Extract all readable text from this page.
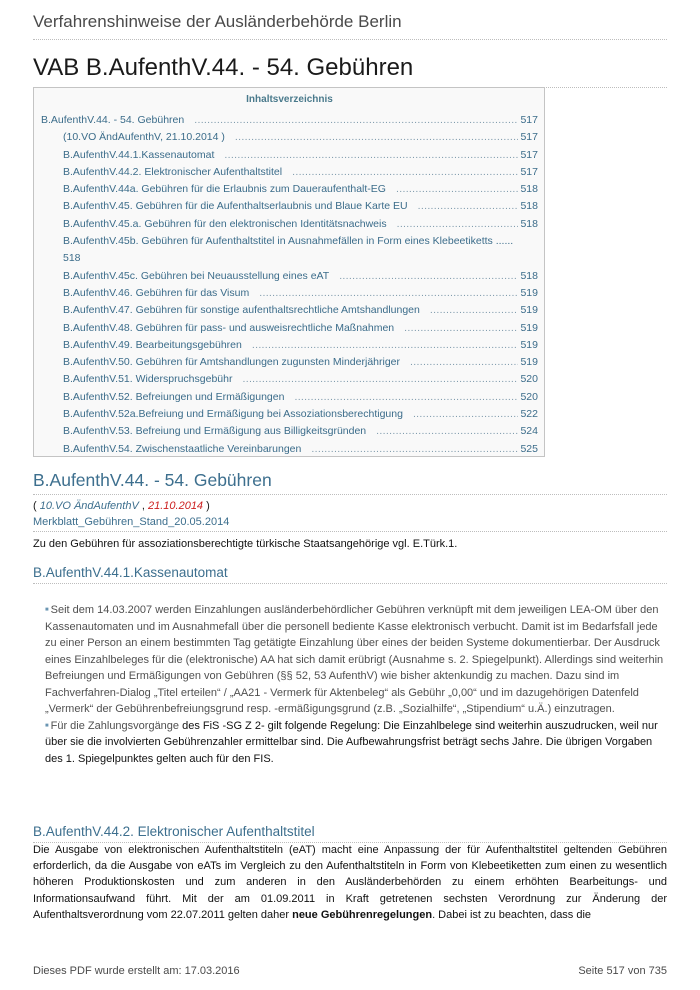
Verfahrenshinweise der Ausländerbehörde Berlin
VAB B.AufenthV.44. - 54. Gebühren
Inhaltsverzeichnis
B.AufenthV.44. - 54. Gebühren . . .	517
(10.VO ÄndAufenthV, 21.10.2014 ) . . .	517
B.AufenthV.44.1.Kassenautomat . . .	517
B.AufenthV.44.2. Elektronischer Aufenthaltstitel . . .	517
B.AufenthV.44a. Gebühren für die Erlaubnis zum Daueraufenthalt-EG . . .	518
B.AufenthV.45. Gebühren für die Aufenthaltserlaubnis und Blaue Karte EU . . .	518
B.AufenthV.45.a. Gebühren für den elektronischen Identitätsnachweis . . .	518
B.AufenthV.45b. Gebühren für Aufenthaltstitel in Ausnahmefällen in Form eines Klebeetiketts ......
518
B.AufenthV.45c. Gebühren bei Neuausstellung eines eAT . . .	518
B.AufenthV.46. Gebühren für das Visum . . .	519
B.AufenthV.47. Gebühren für sonstige aufenthaltsrechtliche Amtshandlungen . . .	519
B.AufenthV.48. Gebühren für pass- und ausweisrechtliche Maßnahmen . . .	519
B.AufenthV.49. Bearbeitungsgebühren . . .	519
B.AufenthV.50. Gebühren für Amtshandlungen zugunsten Minderjähriger . . .	519
B.AufenthV.51. Widerspruchsgebühr . . .	520
B.AufenthV.52. Befreiungen und Ermäßigungen . . .	520
B.AufenthV.52a.Befreiung und Ermäßigung bei Assoziationsberechtigung . . .	522
B.AufenthV.53. Befreiung und Ermäßigung aus Billigkeitsgründen . . .	524
B.AufenthV.54. Zwischenstaatliche Vereinbarungen . . .	525
B.AufenthV.44. - 54. Gebühren
( 10.VO ÄndAufenthV , 21.10.2014 )
Merkblatt_Gebühren_Stand_20.05.2014
Zu den Gebühren für assoziationsberechtigte türkische Staatsangehörige vgl. E.Türk.1.
B.AufenthV.44.1.Kassenautomat
■ Seit dem 14.03.2007 werden Einzahlungen ausländerbehördlicher Gebühren verknüpft mit dem jeweiligen LEA-OM über den Kassenautomaten und im Ausnahmefall über die personell bediente Kasse elektronisch verbucht. Damit ist im Bedarfsfall jede zu einer Person an einem bestimmten Tag getätigte Einzahlung über eines der beiden Systeme dokumentierbar. Der Ausdruck eines Einzahlbeleges für die (elektronische) AA hat sich damit erübrigt (Ausnahme s. 2. Spiegelpunkt). Allerdings sind weiterhin Befreiungen und Ermäßigungen von Gebühren (§§ 52, 53 AufenthV) wie bisher aktenkundig zu machen. Dazu sind im Fachverfahren-Dialog „Titel erteilen“ / „AA21 - Vermerk für Aktenbeleg“ als Gebühr „0,00“ und im dazugehörigen Datenfeld „Vermerk“ der Gebührenbefreiungsgrund resp. -ermäßigungsgrund (z.B. „Sozialhilfe“, „Stipendium“ u.Ä.) einzutragen.
■ Für die Zahlungsvorgänge des FiS -SG Z 2- gilt folgende Regelung: Die Einzahlbelege sind weiterhin auszudrucken, weil nur über sie die involvierten Gebührenzahler ermittelbar sind. Die Aufbewahrungsfrist beträgt sechs Jahre. Die übrigen Vorgaben des 1. Spiegelpunktes gelten auch für den FIS.
B.AufenthV.44.2. Elektronischer Aufenthaltstitel
Die Ausgabe von elektronischen Aufenthaltstiteln (eAT) macht eine Anpassung der für Aufenthaltstitel geltenden Gebühren erforderlich, da die Ausgabe von eATs im Vergleich zu den Aufenthaltstiteln in Form von Klebeetiketten zum einen zu wesentlich höheren Produktionskosten und zum anderen in den Ausländerbehörden zu einem erhöhten Bearbeitungs- und Informationsaufwand führt. Mit der am 01.09.2011 in Kraft getretenen sechsten Verordnung zur Änderung der Aufenthaltsverordnung vom 22.07.2011 gelten daher neue Gebührenregelungen. Dabei ist zu beachten, dass die
Dieses PDF wurde erstellt am: 17.03.2016	Seite 517 von 735
